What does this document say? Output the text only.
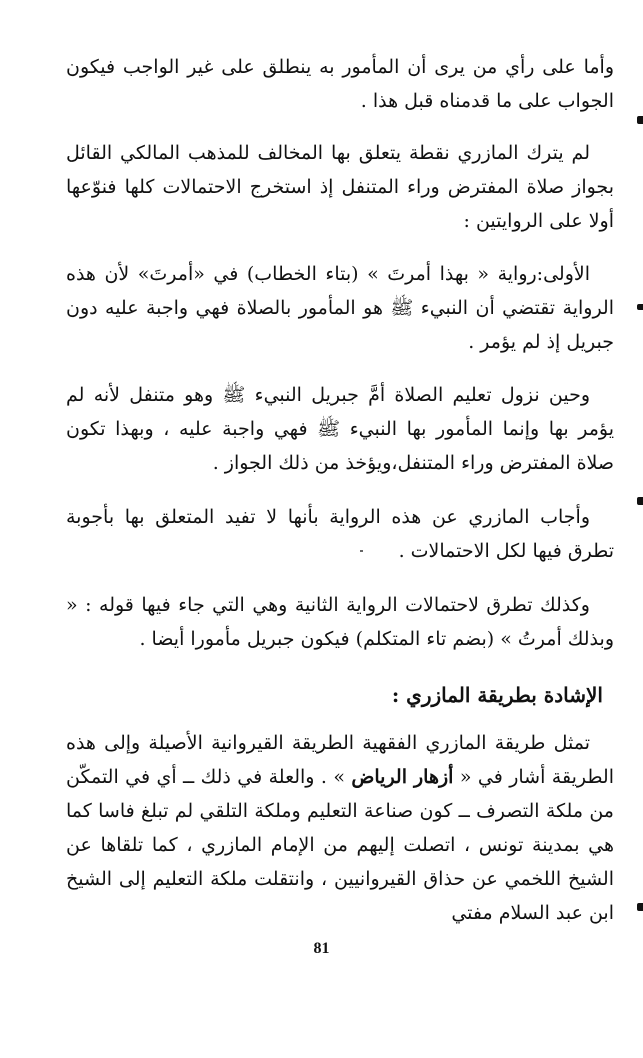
وأما على رأي من يرى أن المأمور به ينطلق على غير الواجب فيكون الجواب على ما قدمناه قبل هذا .

لم يترك المازري نقطة يتعلق بها المخالف للمذهب المالكي القائل بجواز صلاة المفترض وراء المتنفل إذ استخرج الاحتمالات كلها فنوّعها أولا على الروايتين :

الأولى:رواية « بهذا أمرتَ » (بتاء الخطاب) في «أمرتَ» لأن هذه الرواية تقتضي أن النبيء ﷺ هو المأمور بالصلاة فهي واجبة عليه دون جبريل إذ لم يؤمر .

وحين نزول تعليم الصلاة أمَّ جبريل النبيء ﷺ وهو متنفل لأنه لم يؤمر بها وإنما المأمور بها النبيء ﷺ فهي واجبة عليه ، وبهذا تكون صلاة المفترض وراء المتنفل،ويؤخذ من ذلك الجواز .

وأجاب المازري عن هذه الرواية بأنها لا تفيد المتعلق بها بأجوبة تطرق فيها لكل الاحتمالات .

وكذلك تطرق لاحتمالات الرواية الثانية وهي التي جاء فيها قوله : « وبذلك أمرتُ » (بضم تاء المتكلم) فيكون جبريل مأمورا أيضا .

الإشادة بطريقة المازري :

تمثل طريقة المازري الفقهية الطريقة القيروانية الأصيلة وإلى هذه الطريقة أشار في « أزهار الرياض » . والعلة في ذلك ــ أي في التمكّن من ملكة التصرف ــ كون صناعة التعليم وملكة التلقي لم تبلغ فاسا كما هي بمدينة تونس ، اتصلت إليهم من الإمام المازري ، كما تلقاها عن الشيخ اللخمي عن حذاق القيروانيين ، وانتقلت ملكة التعليم إلى الشيخ ابن عبد السلام مفتي

81
